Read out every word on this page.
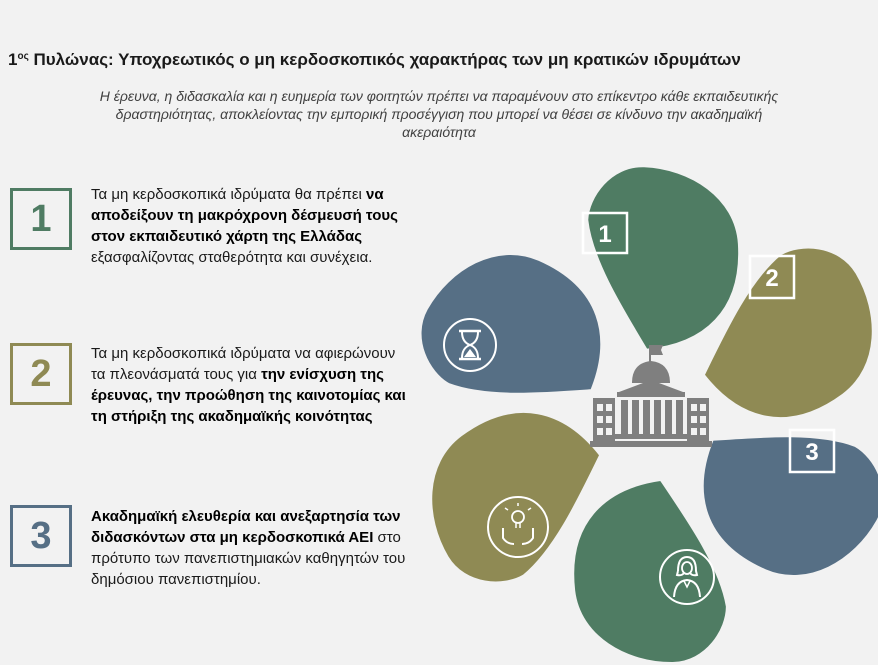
$1^{o\varsigma}$ Πυλώνας: Υποχρεωτικός ο μη κερδοσκοπικός χαρακτήρας των μη κρατικών ιδρυμάτων
Η έρευνα, η διδασκαλία και η ευημερία των φοιτητών πρέπει να παραμένουν στο επίκεντρο κάθε εκπαιδευτικής
δραστηριότητας, αποκλείοντας την εμπορική προσέγγιση που μπορεί να θέσει σε κίνδυνο την ακαδημαϊκή
ακεραιότητα
1
Τα μη κερδοσκοπικά ιδρύματα θα πρέπει να αποδείξουν τη μακρόχρονη δέσμευσή τους στον εκπαιδευτικό χάρτη της Ελλάδας εξασφαλίζοντας σταθερότητα και συνέχεια.
2	Τα μη κερδοσκοπικά ιδρύματα να αφιερώνουν τα πλεονάσματά τους για την ενίσχυση της έρευνας, την προώθηση της καινοτομίας και τη στήριξη της ακαδημαϊκής κοινότητας
3	Ακαδημαϊκή ελευθερία και ανεξαρτησία των διδασκόντων στα μη κερδοσκοπικά ΑΕΙ στο πρότυπο των πανεπιστημιακών καθηγητών του δημόσιου πανεπιστημίου.
1
2
3
